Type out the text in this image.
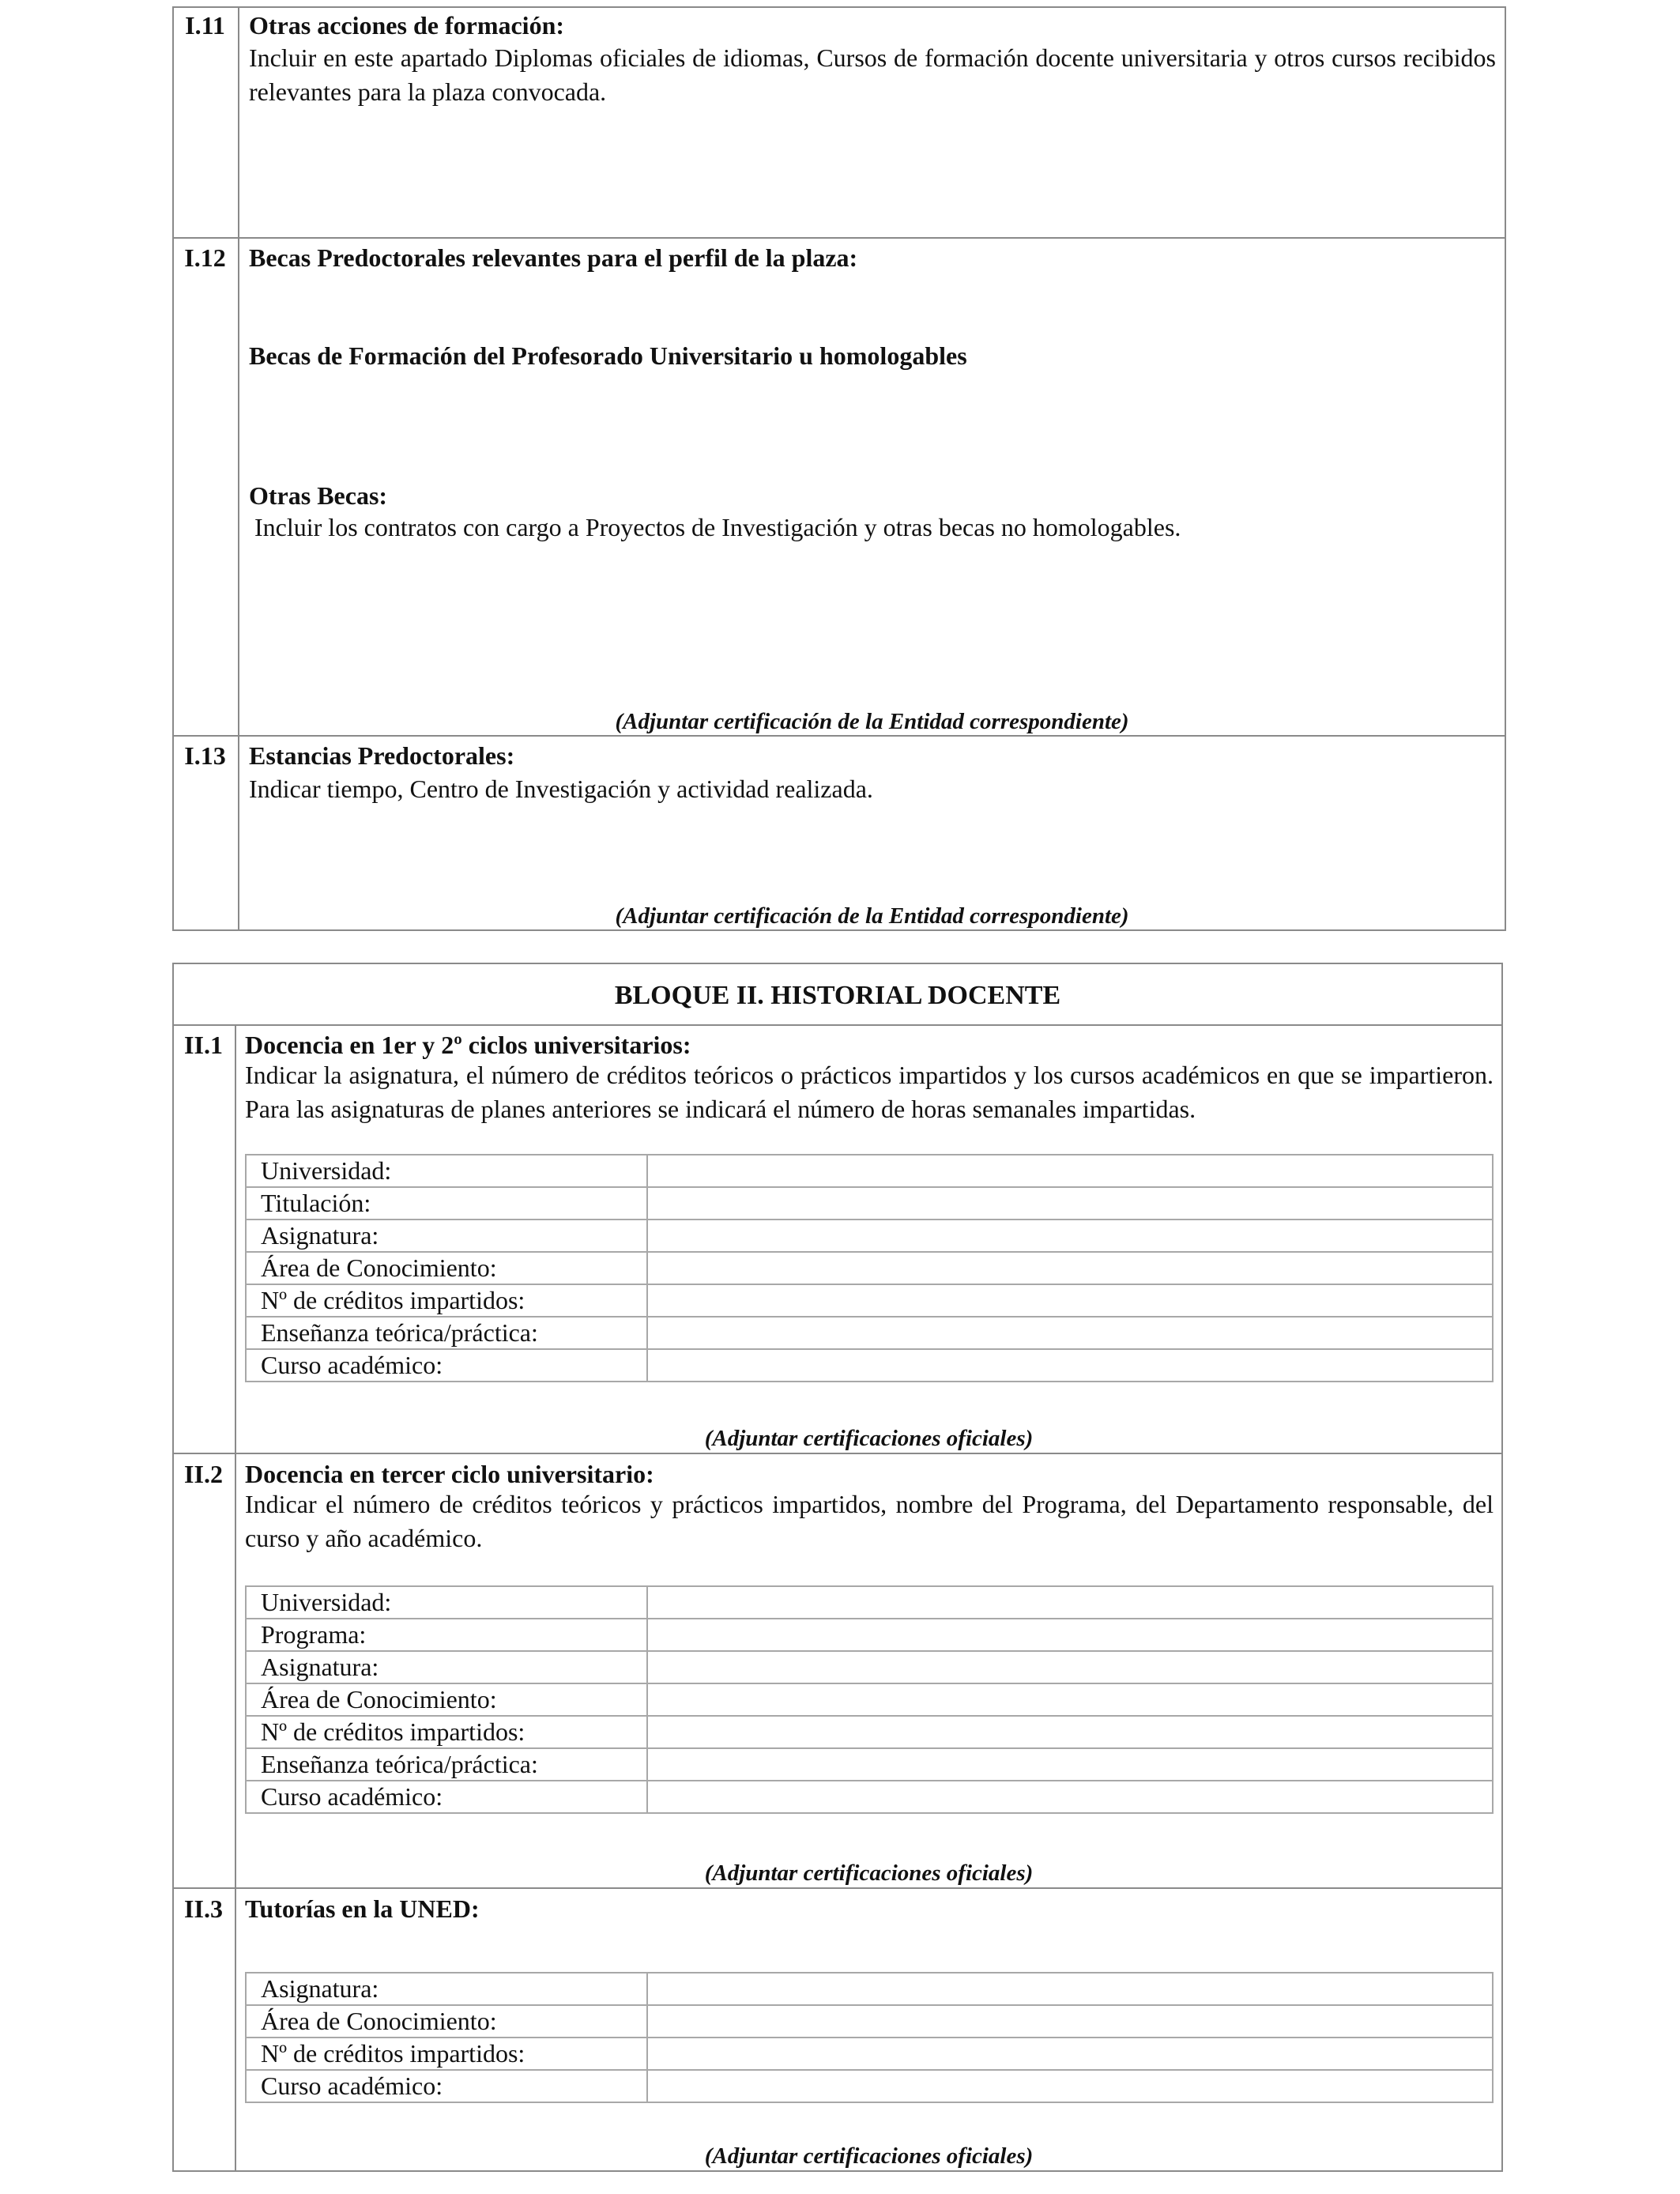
I.11 Otras acciones de formación:
Incluir en este apartado Diplomas oficiales de idiomas, Cursos de formación docente universitaria y otros cursos recibidos relevantes para la plaza convocada.
I.12 Becas Predoctorales relevantes para el perfil de la plaza:
Becas de Formación del Profesorado Universitario u homologables
Otras Becas:
Incluir los contratos con cargo a Proyectos de Investigación y otras becas no homologables.
(Adjuntar certificación de la Entidad correspondiente)
I.13 Estancias Predoctorales:
Indicar tiempo, Centro de Investigación y actividad realizada.
(Adjuntar certificación de la Entidad correspondiente)
BLOQUE II. HISTORIAL DOCENTE
II.1 Docencia en 1er y 2º ciclos universitarios:
Indicar la asignatura, el número de créditos teóricos o prácticos impartidos y los cursos académicos en que se impartieron. Para las asignaturas de planes anteriores se indicará el número de horas semanales impartidas.
Universidad:	
Titulación:	
Asignatura:	
Área de Conocimiento:	
Nº de créditos impartidos:	
Enseñanza teórica/práctica:	
Curso académico:	
(Adjuntar certificaciones oficiales)
II.2 Docencia en tercer ciclo universitario:
Indicar el número de créditos teóricos y prácticos impartidos, nombre del Programa, del Departamento responsable, del curso y año académico.
Universidad:	
Programa:	
Asignatura:	
Área de Conocimiento:	
Nº de créditos impartidos:	
Enseñanza teórica/práctica:	
Curso académico:	
(Adjuntar certificaciones oficiales)
II.3 Tutorías en la UNED:
Asignatura:	
Área de Conocimiento:	
Nº de créditos impartidos:	
Curso académico:	
(Adjuntar certificaciones oficiales)
